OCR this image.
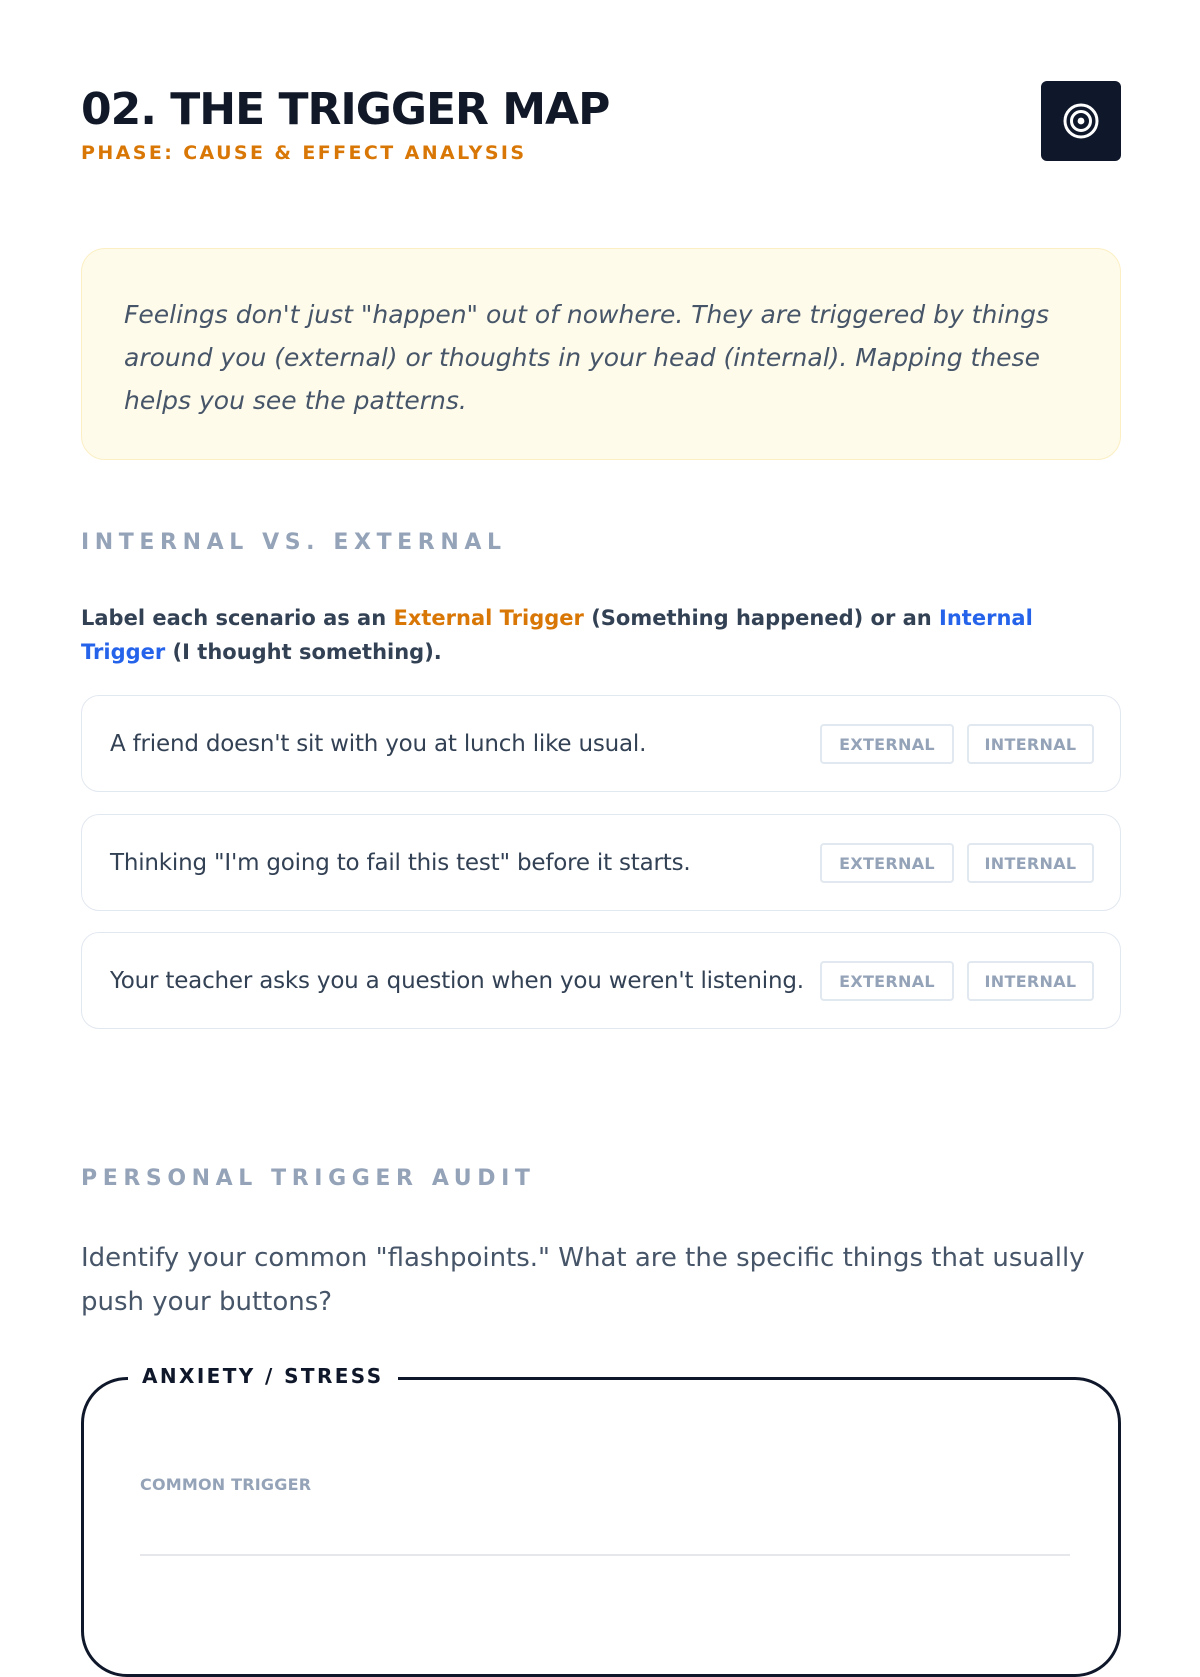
02. THE TRIGGER MAP
PHASE: CAUSE & EFFECT ANALYSIS

Feelings don't just "happen" out of nowhere. They are triggered by things around you (external) or thoughts in your head (internal). Mapping these helps you see the patterns.

INTERNAL VS. EXTERNAL

Label each scenario as an External Trigger (Something happened) or an Internal Trigger (I thought something).

A friend doesn't sit with you at lunch like usual.	EXTERNAL	INTERNAL
Thinking "I'm going to fail this test" before it starts.	EXTERNAL	INTERNAL
Your teacher asks you a question when you weren't listening.	EXTERNAL	INTERNAL
PERSONAL TRIGGER AUDIT

Identify your common "flashpoints." What are the specific things that usually push your buttons?

ANXIETY / STRESS
COMMON TRIGGER
